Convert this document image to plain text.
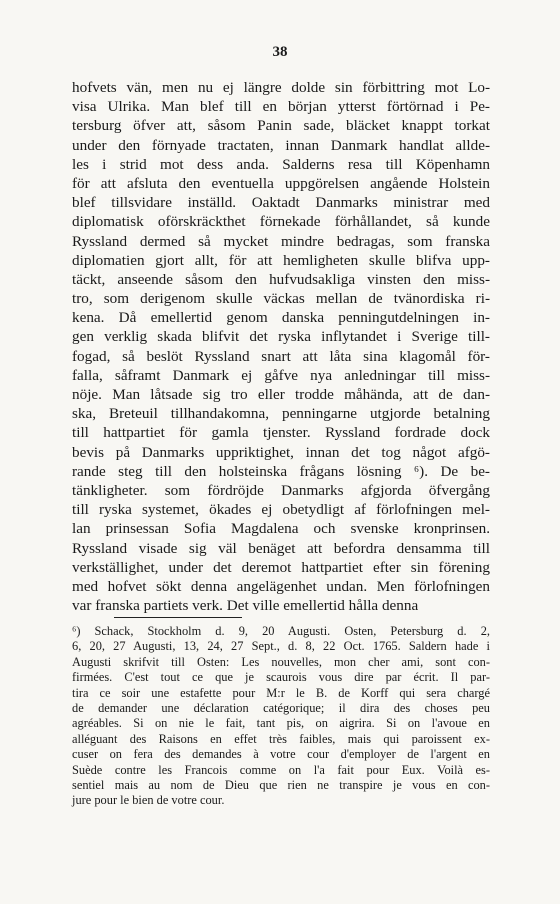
38
hofvets vän, men nu ej längre dolde sin förbittring mot Lo-
visa Ulrika. Man blef till en början ytterst förtörnad i Pe-
tersburg öfver att, såsom Panin sade, bläcket knappt torkat
under den förnyade tractaten, innan Danmark handlat allde-
les i strid mot dess anda. Salderns resa till Köpenhamn
för att afsluta den eventuella uppgörelsen angående Holstein
blef tillsvidare inställd. Oaktadt Danmarks ministrar med
diplomatisk oförskräckthet förnekade förhållandet, så kunde
Ryssland dermed så mycket mindre bedragas, som franska
diplomatien gjort allt, för att hemligheten skulle blifva upp-
täckt, anseende såsom den hufvudsakliga vinsten den miss-
tro, som derigenom skulle väckas mellan de tvänordiska ri-
kena. Då emellertid genom danska penningutdelningen in-
gen verklig skada blifvit det ryska inflytandet i Sverige till-
fogad, så beslöt Ryssland snart att låta sina klagomål för-
falla, såframt Danmark ej gåfve nya anledningar till miss-
nöje. Man låtsade sig tro eller trodde måhända, att de dan-
ska, Breteuil tillhandakomna, penningarne utgjorde betalning
till hattpartiet för gamla tjenster. Ryssland fordrade dock
bevis på Danmarks uppriktighet, innan det tog något afgö-
rande steg till den holsteinska frågans lösning ⁶). De be-
tänkligheter. som fördröjde Danmarks afgjorda öfvergång
till ryska systemet, ökades ej obetydligt af förlofningen mel-
lan prinsessan Sofia Magdalena och svenske kronprinsen.
Ryssland visade sig väl benäget att befordra densamma till
verkställighet, under det deremot hattpartiet efter sin förening
med hofvet sökt denna angelägenhet undan. Men förlofningen
var franska partiets verk. Det ville emellertid hålla denna
⁶) Schack, Stockholm d. 9, 20 Augusti. Osten, Petersburg d. 2,
6, 20, 27 Augusti, 13, 24, 27 Sept., d. 8, 22 Oct. 1765. Saldern hade i
Augusti skrifvit till Osten: Les nouvelles, mon cher ami, sont con-
firmées. C'est tout ce que je scaurois vous dire par écrit. Il par-
tira ce soir une estafette pour M:r le B. de Korff qui sera chargé
de demander une déclaration catégorique; il dira des choses peu
agréables. Si on nie le fait, tant pis, on aigrira. Si on l'avoue en
alléguant des Raisons en effet très faibles, mais qui paroissent ex-
cuser on fera des demandes à votre cour d'employer de l'argent en
Suède contre les Francois comme on l'a fait pour Eux. Voilà es-
sentiel mais au nom de Dieu que rien ne transpire je vous en con-
jure pour le bien de votre cour.
